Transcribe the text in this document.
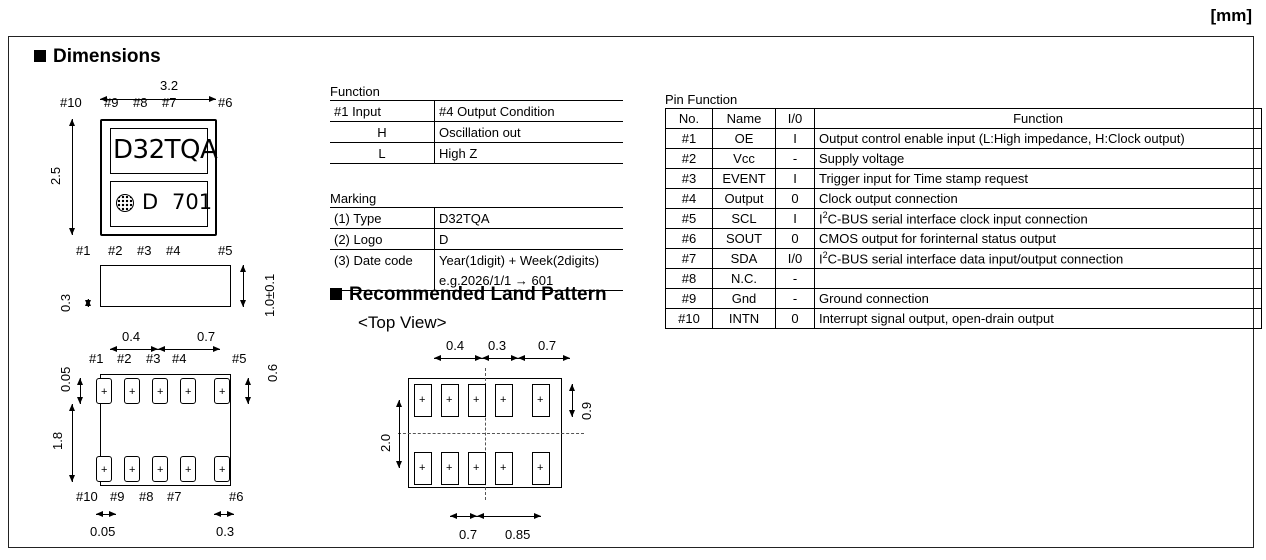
[mm]
Dimensions
3.2
#10 #9 #8 #7	#6
2.5
D32TQA
D 701
#1 #2 #3 #4	#5
0.3	1.0±0.1
0.4	0.7
#1 #2 #3 #4	#5
0.05
1.8
0.6
+ + + +	+
+ + + +	+
#10 #9 #8 #7	#6
0.05	0.3
Function
#1 Input	#4 Output Condition
H	Oscillation out
L	High Z
Marking
(1) Type	D32TQA
(2) Logo	D
(3) Date code	Year(1digit) + Week(2digits)
	e.g.2026/1/1 → 601
Recommended Land Pattern
<Top View>
0.4 0.3 0.7
+ + + +	+
+ + + +	+
0.9
2.0
0.7 0.85
Pin Function
No.	Name	I/0	Function
#1	OE	I	Output control enable input (L:High impedance, H:Clock output)
#2	Vcc	-	Supply voltage
#3	EVENT	I	Trigger input for Time stamp request
#4	Output	0	Clock output connection
#5	SCL	I	$I^2C$-BUS serial interface clock input connection
#6	SOUT	0	CMOS output for forinternal status output
#7	SDA	I/0	$I^2C$-BUS serial interface data input/output connection
#8	N.C.	-	
#9	Gnd	-	Ground connection
#10	INTN	0	Interrupt signal output, open-drain output
